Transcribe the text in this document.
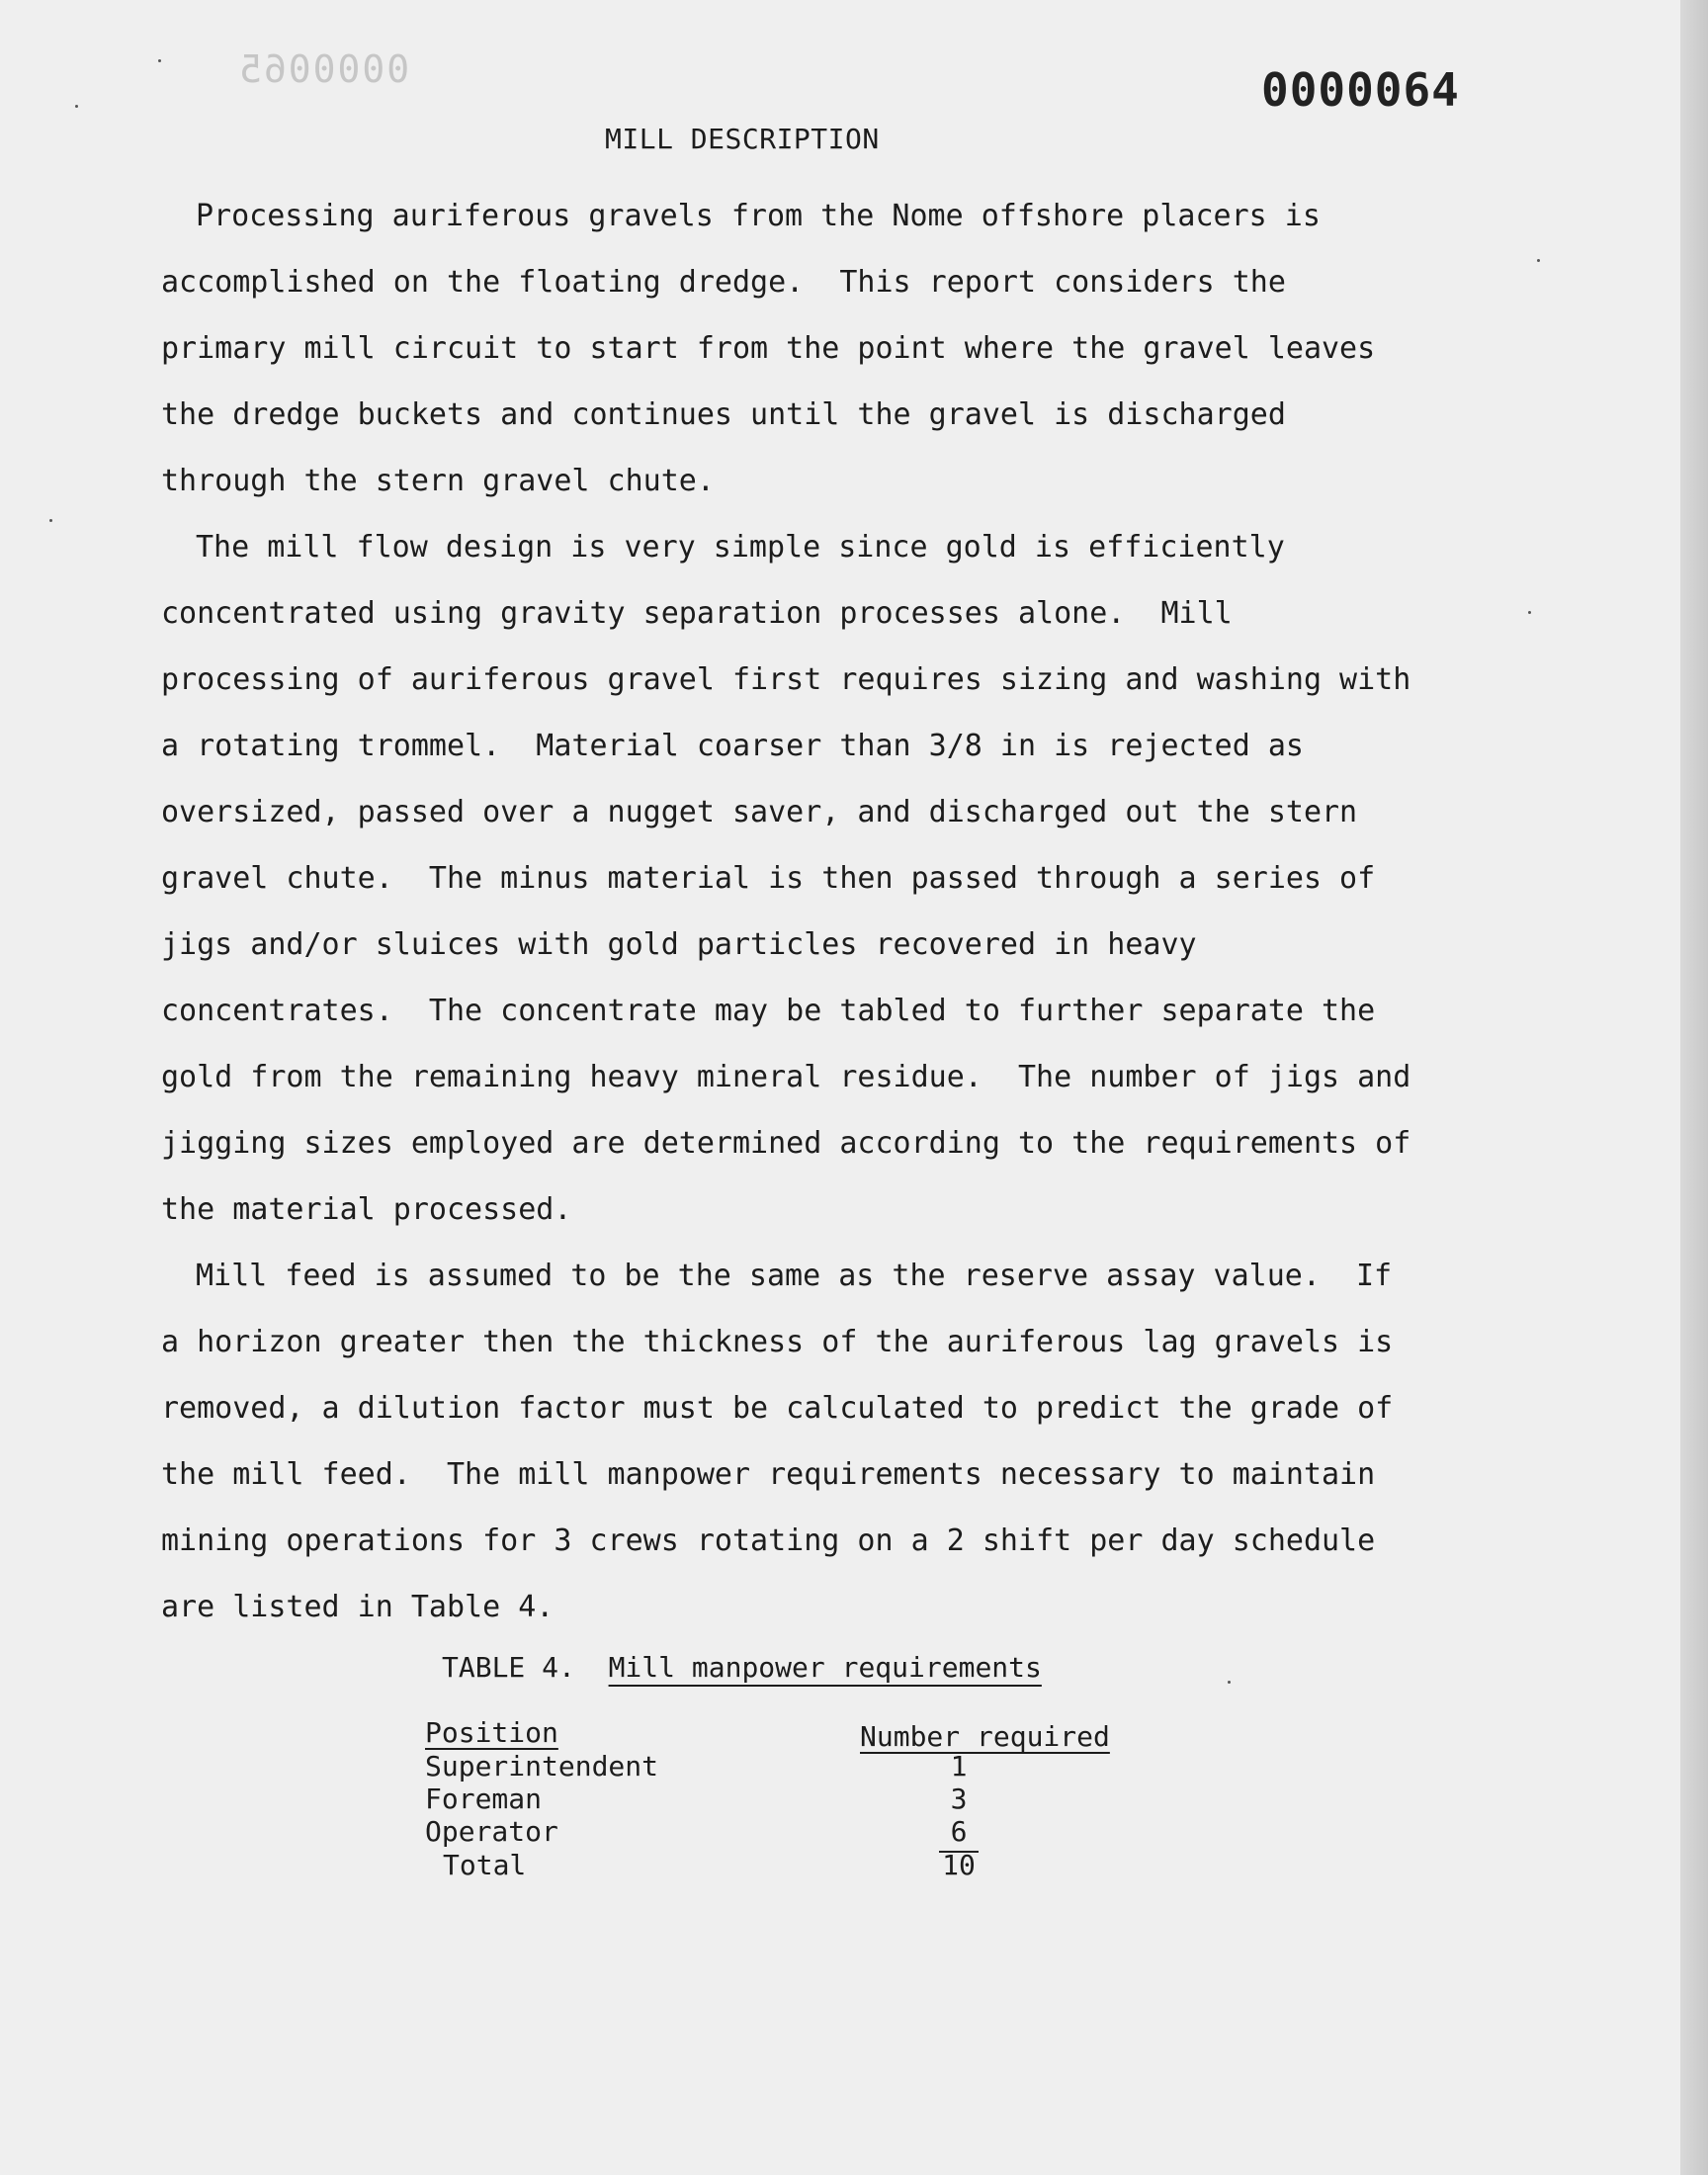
0000065	0000064
MILL DESCRIPTION
Processing auriferous gravels from the Nome offshore placers is
accomplished on the floating dredge.  This report considers the
primary mill circuit to start from the point where the gravel leaves
the dredge buckets and continues until the gravel is discharged
through the stern gravel chute.
The mill flow design is very simple since gold is efficiently
concentrated using gravity separation processes alone.  Mill
processing of auriferous gravel first requires sizing and washing with
a rotating trommel.  Material coarser than 3/8 in is rejected as
oversized, passed over a nugget saver, and discharged out the stern
gravel chute.  The minus material is then passed through a series of
jigs and/or sluices with gold particles recovered in heavy
concentrates.  The concentrate may be tabled to further separate the
gold from the remaining heavy mineral residue.  The number of jigs and
jigging sizes employed are determined according to the requirements of
the material processed.
Mill feed is assumed to be the same as the reserve assay value.  If
a horizon greater then the thickness of the auriferous lag gravels is
removed, a dilution factor must be calculated to predict the grade of
the mill feed.  The mill manpower requirements necessary to maintain
mining operations for 3 crews rotating on a 2 shift per day schedule
are listed in Table 4.
TABLE 4.  Mill manpower requirements
Position	Number required
Superintendent	1
Foreman	3
Operator	6
Total	10
